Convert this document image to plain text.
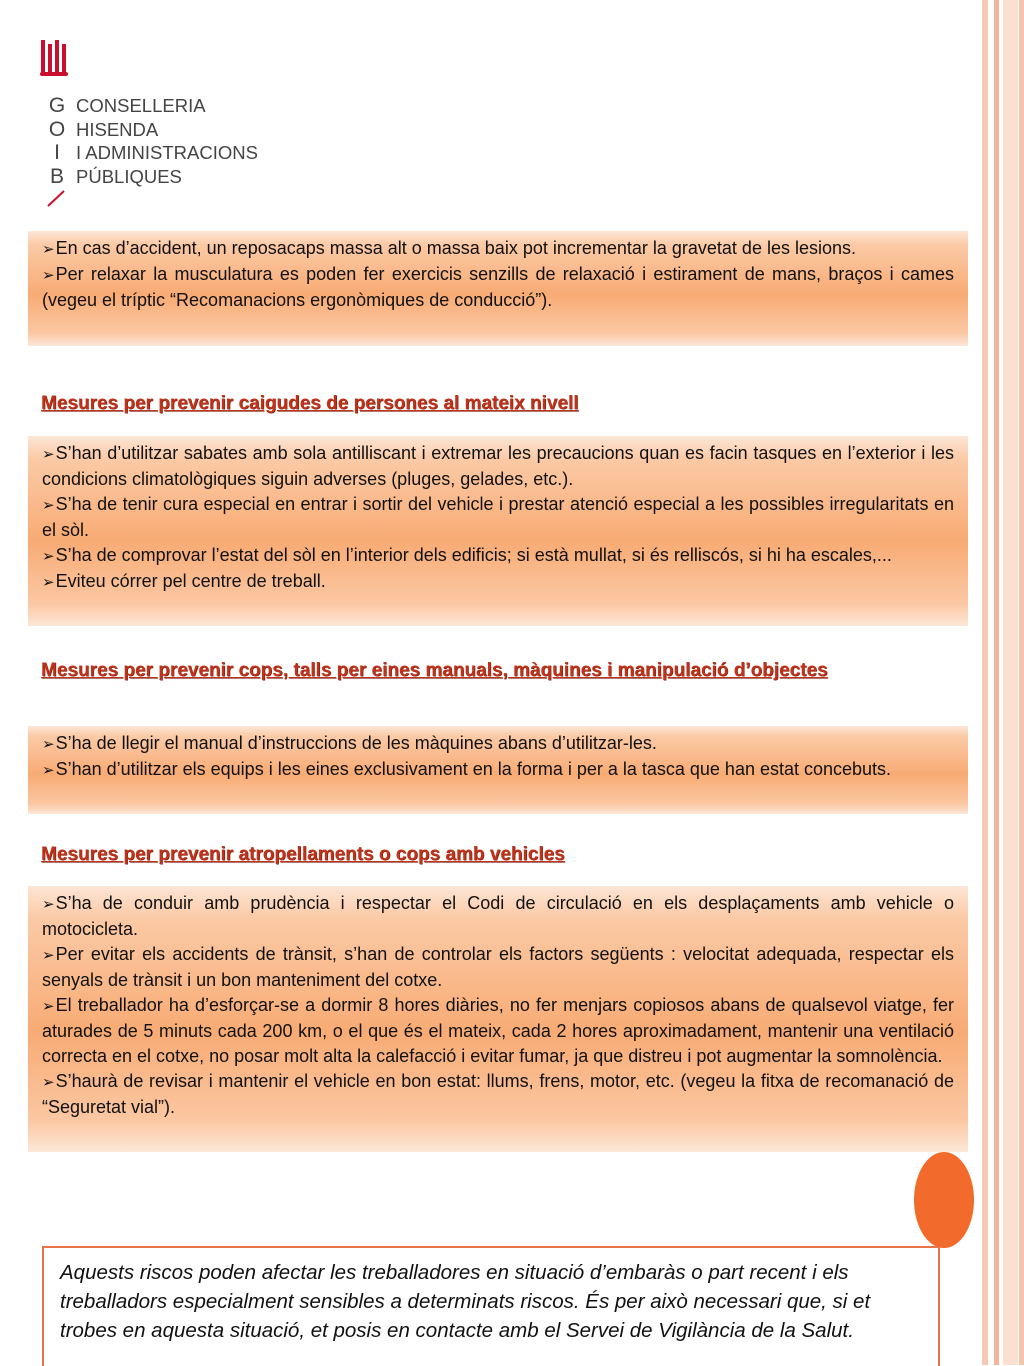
G
O
I
B
CONSELLERIA
HISENDA
I ADMINISTRACIONS
PÚBLIQUES

➢En cas d’accident, un reposacaps massa alt o massa baix pot incrementar la gravetat de les lesions.

➢Per relaxar la musculatura es poden fer exercicis senzills de relaxació i estirament de mans, braços i cames (vegeu el tríptic “Recomanacions ergonòmiques de conducció”).

Mesures per prevenir caigudes de persones al mateix nivell

➢S’han d’utilitzar sabates amb sola antilliscant i extremar les precaucions quan es facin tasques en l’exterior i les condicions climatològiques siguin adverses (pluges, gelades, etc.).

➢S’ha de tenir cura especial en entrar i sortir del vehicle i prestar atenció especial a les possibles irregularitats en el sòl.

➢S’ha de comprovar l’estat del sòl en l’interior dels edificis; si està mullat, si és relliscós, si hi ha escales,...

➢Eviteu córrer pel centre de treball.

Mesures per prevenir cops, talls per eines manuals, màquines i manipulació d’objectes

➢S’ha de llegir el manual d’instruccions de les màquines abans d’utilitzar-les.

➢S’han d’utilitzar els equips i les eines exclusivament en la forma i per a la tasca que han estat concebuts.

Mesures per prevenir atropellaments o cops amb vehicles

➢S’ha de conduir amb prudència i respectar el Codi de circulació en els desplaçaments amb vehicle o motocicleta.

➢Per evitar els accidents de trànsit, s’han de controlar els factors següents : velocitat adequada, respectar els senyals de trànsit i un bon manteniment del cotxe.

➢El treballador ha d’esforçar-se a dormir 8 hores diàries, no fer menjars copiosos abans de qualsevol viatge, fer aturades de 5 minuts cada 200 km, o el que és el mateix, cada 2 hores aproximadament, mantenir una ventilació correcta en el cotxe, no posar molt alta la calefacció i evitar fumar, ja que distreu i pot augmentar la somnolència.

➢S’haurà de revisar i mantenir el vehicle en bon estat: llums, frens, motor, etc. (vegeu la fitxa de recomanació de “Seguretat vial”).

Aquests riscos poden afectar les treballadores en situació d’embaràs o part recent i els treballadors especialment sensibles a determinats riscos. És per això necessari que, si et trobes en aquesta situació, et posis en contacte amb el Servei de Vigilància de la Salut.
